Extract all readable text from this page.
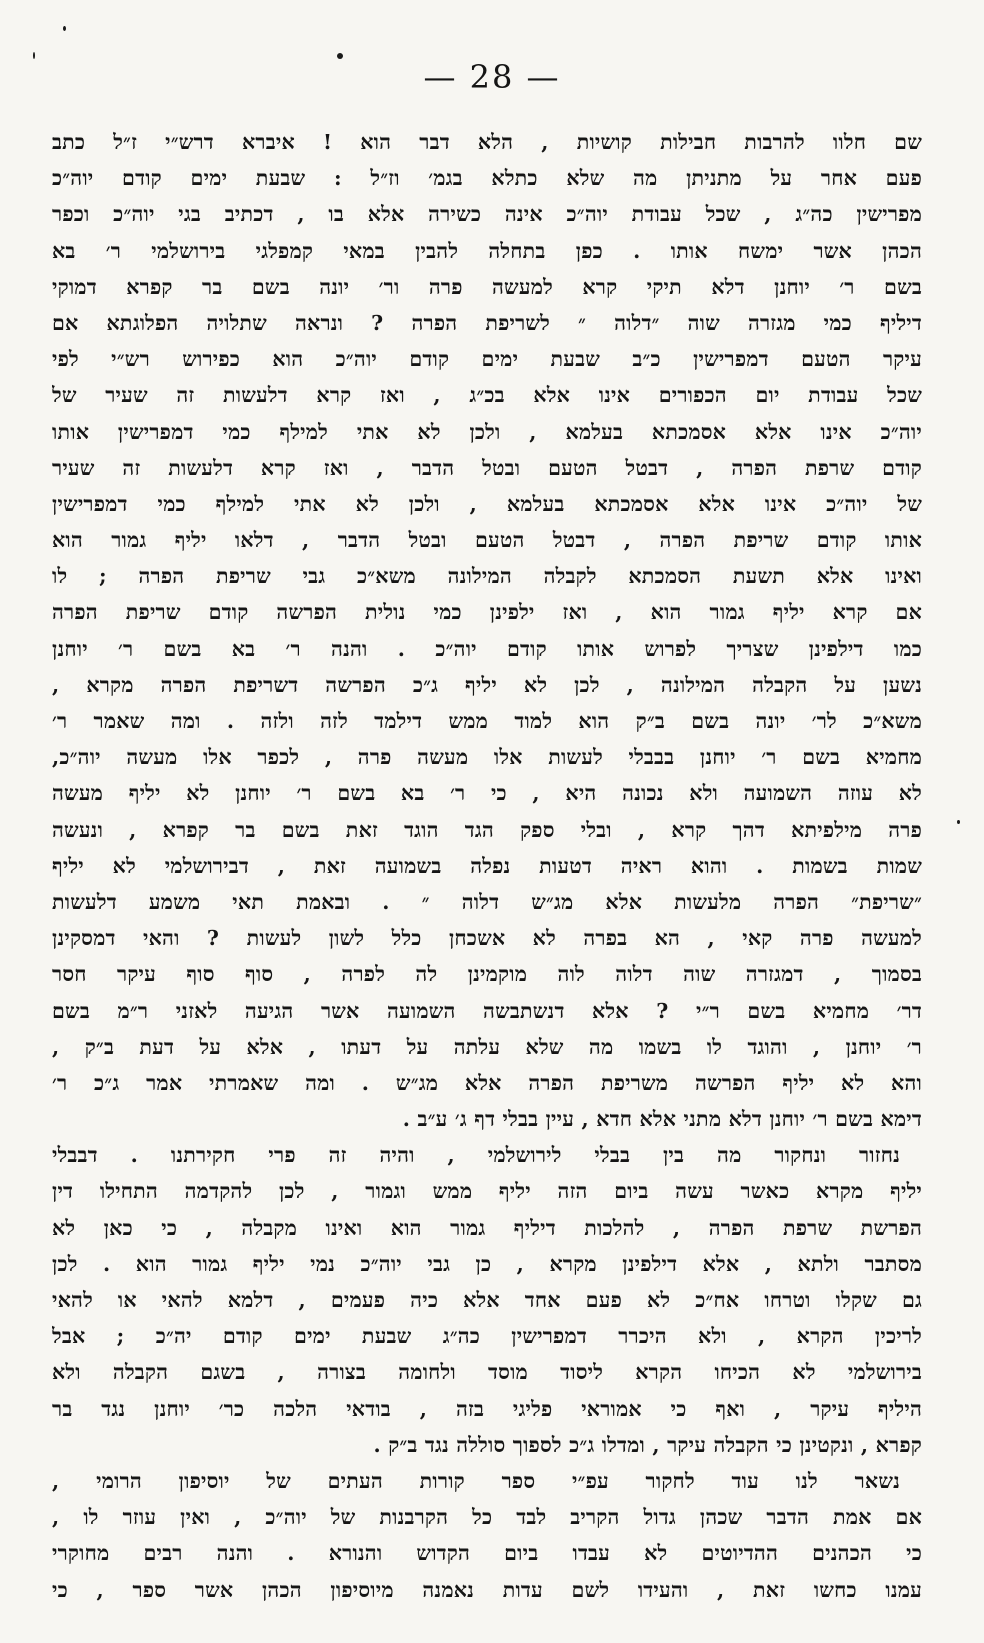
— 28 —
שם חלוו להרבות חבילות קושיות , הלא דבר הוא ! איברא דרש״י ז״ל כתב
פעם אחר על מתניתן מה שלא כתלא בגמ׳ וז״ל : שבעת ימים קודם יוה״כ
מפרישין כה״ג , שכל עבודת יוה״כ אינה כשירה אלא בו , דכתיב בגי יוה״כ וכפר
הכהן אשר ימשח אותו . כפן בתחלה להבין במאי קמפלגי בירושלמי ר׳ בא
בשם ר׳ יוחנן דלא תיקי קרא למעשה פרה ור׳ יונה בשם בר קפרא דמוקי
דיליף כמי מגזרה שוה ״דלוה ״ לשריפת הפרה ? ונראה שתלויה הפלוגתא אם
עיקר הטעם דמפרישין כ״ב שבעת ימים קודם יוה״כ הוא כפירוש רש״י לפי
שכל עבודת יום הכפורים אינו אלא בכ״ג , ואז קרא דלעשות זה שעיר של
יוה״כ אינו אלא אסמכתא בעלמא , ולכן לא אתי למילף כמי דמפרישין אותו
קודם שרפת הפרה , דבטל הטעם ובטל הדבר , ואז קרא דלעשות זה שעיר
של יוה״כ אינו אלא אסמכתא בעלמא , ולכן לא אתי למילף כמי דמפרישין
אותו קודם שריפת הפרה , דבטל הטעם ובטל הדבר , דלאו יליף גמור הוא
ואינו אלא תשעת הסמכתא לקבלה המילונה משא״כ גבי שריפת הפרה ; לו
אם קרא יליף גמור הוא , ואז ילפינן כמי נולית הפרשה קודם שריפת הפרה
כמו דילפינן שצריך לפרוש אותו קודם יוה״כ . והנה ר׳ בא בשם ר׳ יוחנן
נשען על הקבלה המילונה , לכן לא יליף ג״כ הפרשה דשריפת הפרה מקרא ,
משא״כ לר׳ יונה בשם ב״ק הוא למוד ממש דילמד לזה ולזה . ומה שאמר ר׳
מחמיא בשם ר׳ יוחנן בבבלי לעשות אלו מעשה פרה , לכפר אלו מעשה יוה״כ,
לא עוזה השמועה ולא נכונה היא , כי ר׳ בא בשם ר׳ יוחנן לא יליף מעשה
פרה מילפיתא דהך קרא , ובלי ספק הגד הוגד זאת בשם בר קפרא , ונעשה
שמות בשמות . והוא ראיה דטעות נפלה בשמועה זאת , דבירושלמי לא יליף
״שריפת״ הפרה מלעשות אלא מג״ש דלוה ״ . ובאמת תאי משמע דלעשות
למעשה פרה קאי , הא בפרה לא אשכחן כלל לשון לעשות ? והאי דמסקינן
בסמוך , דמגזרה שוה דלוה לוה מוקמינן לה לפרה , סוף סוף עיקר חסר
דר׳ מחמיא בשם ר״י ? אלא דנשתבשה השמועה אשר הגיעה לאזני ר״מ בשם
ר׳ יוחנן , והוגד לו בשמו מה שלא עלתה על דעתו , אלא על דעת ב״ק ,
והא לא יליף הפרשה משריפת הפרה אלא מג״ש . ומה שאמרתי אמר ג״כ ר׳
דימא בשם ר׳ יוחנן דלא מתני אלא חדא , עיין בבלי דף ג׳ ע״ב .
נחזור ונחקור מה בין בבלי לירושלמי , והיה זה פרי חקירתנו . דבבלי
יליף מקרא כאשר עשה ביום הזה יליף ממש וגמור , לכן להקדמה התחילו דין
הפרשת שרפת הפרה , להלכות דיליף גמור הוא ואינו מקבלה , כי כאן לא
מסתבר ולתא , אלא דילפינן מקרא , כן גבי יוה״כ נמי יליף גמור הוא . לכן
גם שקלו וטרחו אח״כ לא פעם אחד אלא כיה פעמים , דלמא להאי או להאי
לריכין הקרא , ולא היכרר דמפרישין כה״ג שבעת ימים קודם יה״כ ; אבל
בירושלמי לא הכיחו הקרא ליסוד מוסד ולחומה בצורה , בשגם הקבלה ולא
היליף עיקר , ואף כי אמוראי פליגי בזה , בודאי הלכה כר׳ יוחנן נגד בר
קפרא , ונקטינן כי הקבלה עיקר , ומדלו ג״כ לספוך סוללה נגד ב״ק .
נשאר לנו עוד לחקור עפ״י ספר קורות העתים של יוסיפון הרומי ,
אם אמת הדבר שכהן גדול הקריב לבד כל הקרבנות של יוה״כ , ואין עוזר לו ,
כי הכהנים ההדיוטים לא עבדו ביום הקדוש והנורא . והנה רבים מחוקרי
עמנו כחשו זאת , והעידו לשם עדות נאמנה מיוסיפון הכהן אשר ספר , כי
